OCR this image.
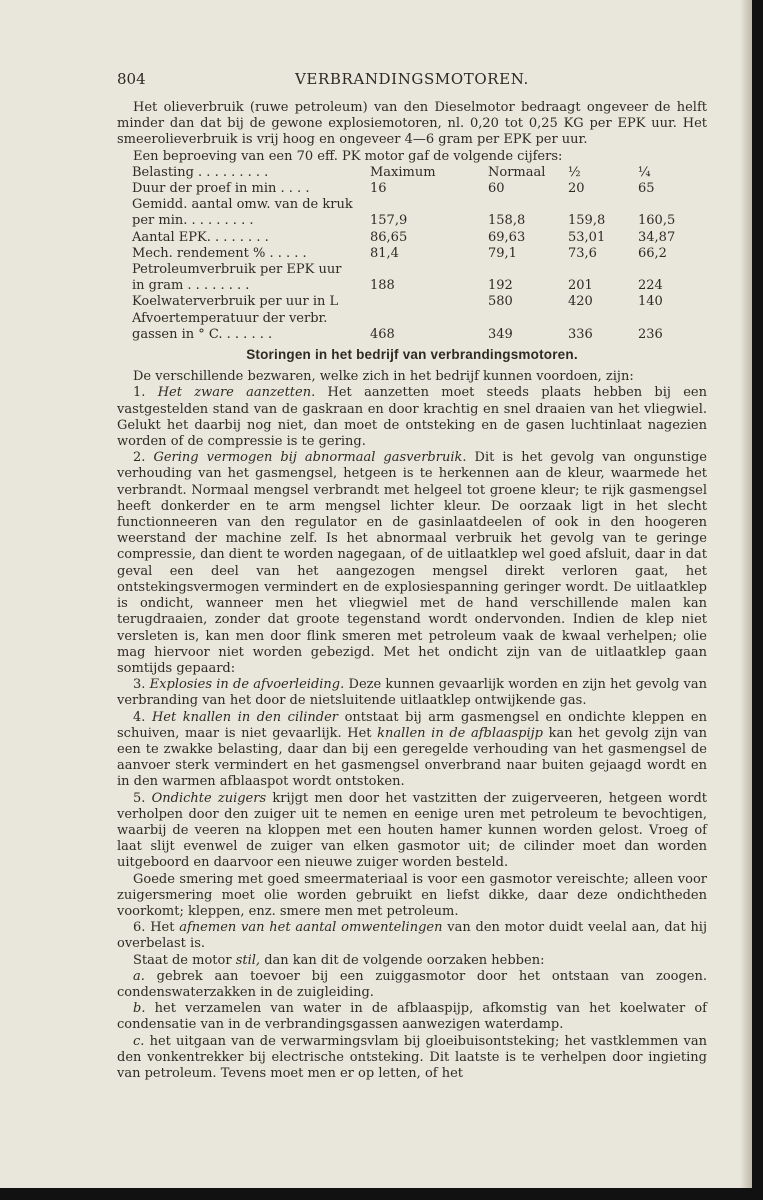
804	VERBRANDINGSMOTOREN.

Het olieverbruik (ruwe petroleum) van den Dieselmotor bedraagt ongeveer de helft minder dan dat bij de gewone explosiemotoren, nl. 0,20 tot 0,25 KG per EPK uur. Het smeerolieverbruik is vrij hoog en ongeveer 4—6 gram per EPK per uur.

Een beproeving van een 70 eff. PK motor gaf de volgende cijfers:

Belasting . . . . . . . . .	Maximum	Normaal	½	¼
Duur der proef in min . . . .	16	60	20	65
Gemidd. aantal omw. van de kruk				
per min. . . . . . . . .	157,9	158,8	159,8	160,5
Aantal EPK. . . . . . . .	86,65	69,63	53,01	34,87
Mech. rendement % . . . . .	81,4	79,1	73,6	66,2
Petroleumverbruik per EPK uur				
in gram . . . . . . . .	188	192	201	224
Koelwaterverbruik per uur in L		580	420	140
Afvoertemperatuur der verbr.				
gassen in ° C. . . . . . .	468	349	336	236
Storingen in het bedrijf van verbrandingsmotoren.

De verschillende bezwaren, welke zich in het bedrijf kunnen voordoen, zijn:

1. Het zware aanzetten. Het aanzetten moet steeds plaats hebben bij een vastgestelden stand van de gaskraan en door krachtig en snel draaien van het vliegwiel. Gelukt het daarbij nog niet, dan moet de ontsteking en de gasen luchtinlaat nagezien worden of de compressie is te gering.

2. Gering vermogen bij abnormaal gasverbruik. Dit is het gevolg van ongunstige verhouding van het gasmengsel, hetgeen is te herkennen aan de kleur, waarmede het verbrandt. Normaal mengsel verbrandt met helgeel tot groene kleur; te rijk gasmengsel heeft donkerder en te arm mengsel lichter kleur. De oorzaak ligt in het slecht functionneeren van den regulator en de gasinlaatdeelen of ook in den hoogeren weerstand der machine zelf. Is het abnormaal verbruik het gevolg van te geringe compressie, dan dient te worden nagegaan, of de uitlaatklep wel goed afsluit, daar in dat geval een deel van het aangezogen mengsel direkt verloren gaat, het ontstekingsvermogen vermindert en de explosiespanning geringer wordt. De uitlaatklep is ondicht, wanneer men het vliegwiel met de hand verschillende malen kan terugdraaien, zonder dat groote tegenstand wordt ondervonden. Indien de klep niet versleten is, kan men door flink smeren met petroleum vaak de kwaal verhelpen; olie mag hiervoor niet worden gebezigd. Met het ondicht zijn van de uitlaatklep gaan somtijds gepaard:

3. Explosies in de afvoerleiding. Deze kunnen gevaarlijk worden en zijn het gevolg van verbranding van het door de nietsluitende uitlaatklep ontwijkende gas.

4. Het knallen in den cilinder ontstaat bij arm gasmengsel en ondichte kleppen en schuiven, maar is niet gevaarlijk. Het knallen in de afblaaspijp kan het gevolg zijn van een te zwakke belasting, daar dan bij een geregelde verhouding van het gasmengsel de aanvoer sterk vermindert en het gasmengsel onverbrand naar buiten gejaagd wordt en in den warmen afblaaspot wordt ontstoken.

5. Ondichte zuigers krijgt men door het vastzitten der zuigerveeren, hetgeen wordt verholpen door den zuiger uit te nemen en eenige uren met petroleum te bevochtigen, waarbij de veeren na kloppen met een houten hamer kunnen worden gelost. Vroeg of laat slijt evenwel de zuiger van elken gasmotor uit; de cilinder moet dan worden uitgeboord en daarvoor een nieuwe zuiger worden besteld.

Goede smering met goed smeermateriaal is voor een gasmotor vereischte; alleen voor zuigersmering moet olie worden gebruikt en liefst dikke, daar deze ondichtheden voorkomt; kleppen, enz. smere men met petroleum.

6. Het afnemen van het aantal omwentelingen van den motor duidt veelal aan, dat hij overbelast is.

Staat de motor stil, dan kan dit de volgende oorzaken hebben:

a. gebrek aan toevoer bij een zuiggasmotor door het ontstaan van zoogen. condenswaterzakken in de zuigleiding.

b. het verzamelen van water in de afblaaspijp, afkomstig van het koelwater of condensatie van in de verbrandingsgassen aanwezigen waterdamp.

c. het uitgaan van de verwarmingsvlam bij gloeibuisontsteking; het vastklemmen van den vonkentrekker bij electrische ontsteking. Dit laatste is te verhelpen door ingieting van petroleum. Tevens moet men er op letten, of het
